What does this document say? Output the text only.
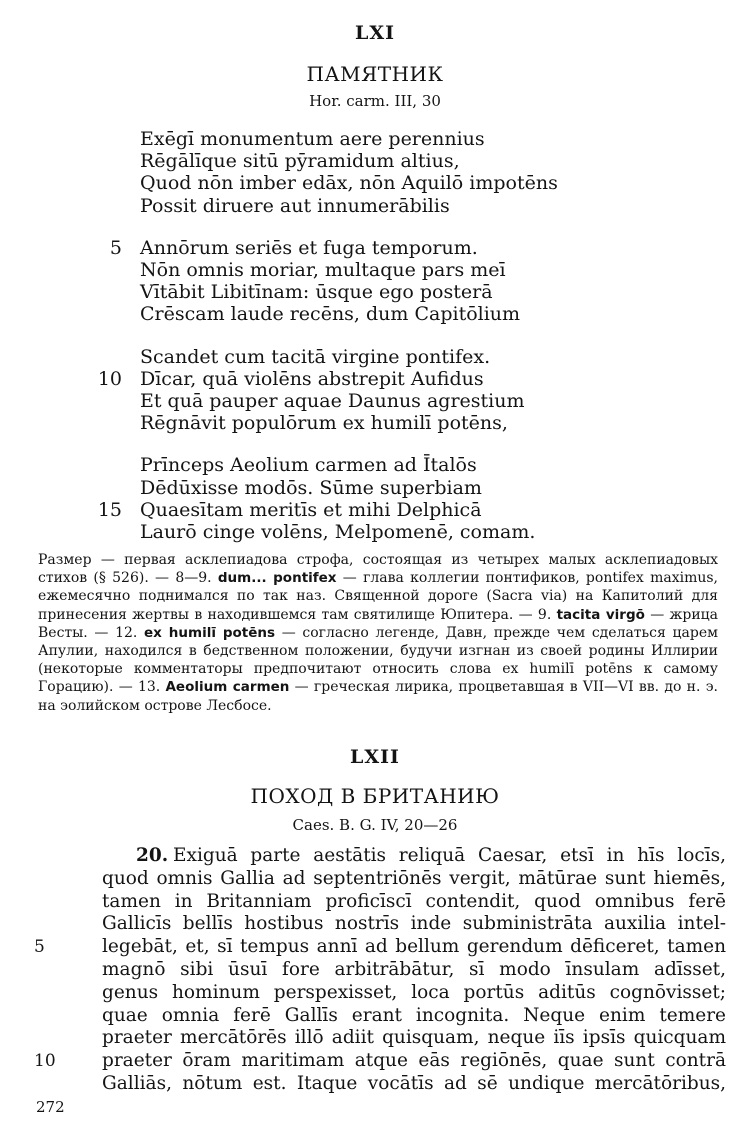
LXI
ПАМЯТНИК
Hor. carm. III, 30
Exēgī monumentum aere perennius
Rēgālīque sitū pȳramidum altius,
Quod nōn imber edāx, nōn Aquilō impotēns
Possit diruere aut innumerābilis
5 Annōrum seriēs et fuga temporum.
Nōn omnis moriar, multaque pars meī
Vītābit Libitīnam: ūsque ego posterā
Crēscam laude recēns, dum Capitōlium
Scandet cum tacitā virgine pontifex.
10 Dīcar, quā violēns abstrepit Aufidus
Et quā pauper aquae Daunus agrestium
Rēgnāvit populōrum ex humilī potēns,
Prīnceps Aeolium carmen ad Ītalōs
Dēdūxisse modōs. Sūme superbiam
15 Quaesītam meritīs et mihi Delphicā
Laurō cinge volēns, Melpomenē, comam.
Размер — первая асклепиадова строфа, состоящая из четырех малых асклепиадовых стихов (§ 526). — 8—9. dum... pontifex — глава коллегии понтификов, pontifex maximus, ежемесячно поднимался по так наз. Священной дороге (Sacra via) на Капитолий для принесения жертвы в находившемся там святилище Юпитера. — 9. tacita virgō — жрица Весты. — 12. ex humilī potēns — согласно легенде, Давн, прежде чем сделаться царем Апулии, находился в бедственном положении, будучи изгнан из своей родины Иллирии (некоторые комментаторы предпочитают относить слова ex humilī potēns к самому Горацию). — 13. Aeolium carmen — греческая лирика, процветавшая в VII—VI вв. до н. э. на эолийском острове Лесбосе.
LXII
ПОХОД В БРИТАНИЮ
Caes. B. G. IV, 20—26
20. Exiguā parte aestātis reliquā Caesar, etsī in hīs locīs,
quod omnis Gallia ad septentriōnēs vergit, mātūrae sunt hiemēs,
tamen in Britanniam proficīscī contendit, quod omnibus ferē
Gallicīs bellīs hostibus nostrīs inde subministrāta auxilia intel-
5	legebāt, et, sī tempus annī ad bellum gerendum dēficeret, tamen
magnō sibi ūsuī fore arbitrābātur, sī modo īnsulam adīsset,
genus hominum perspexisset, loca portūs aditūs cognōvisset;
quae omnia ferē Gallīs erant incognita. Neque enim temere
praeter mercātōrēs illō adiit quisquam, neque iīs ipsīs quicquam
10	praeter ōram maritimam atque eās regiōnēs, quae sunt contrā
Galliās, nōtum est. Itaque vocātīs ad sē undique mercātōribus,
272
